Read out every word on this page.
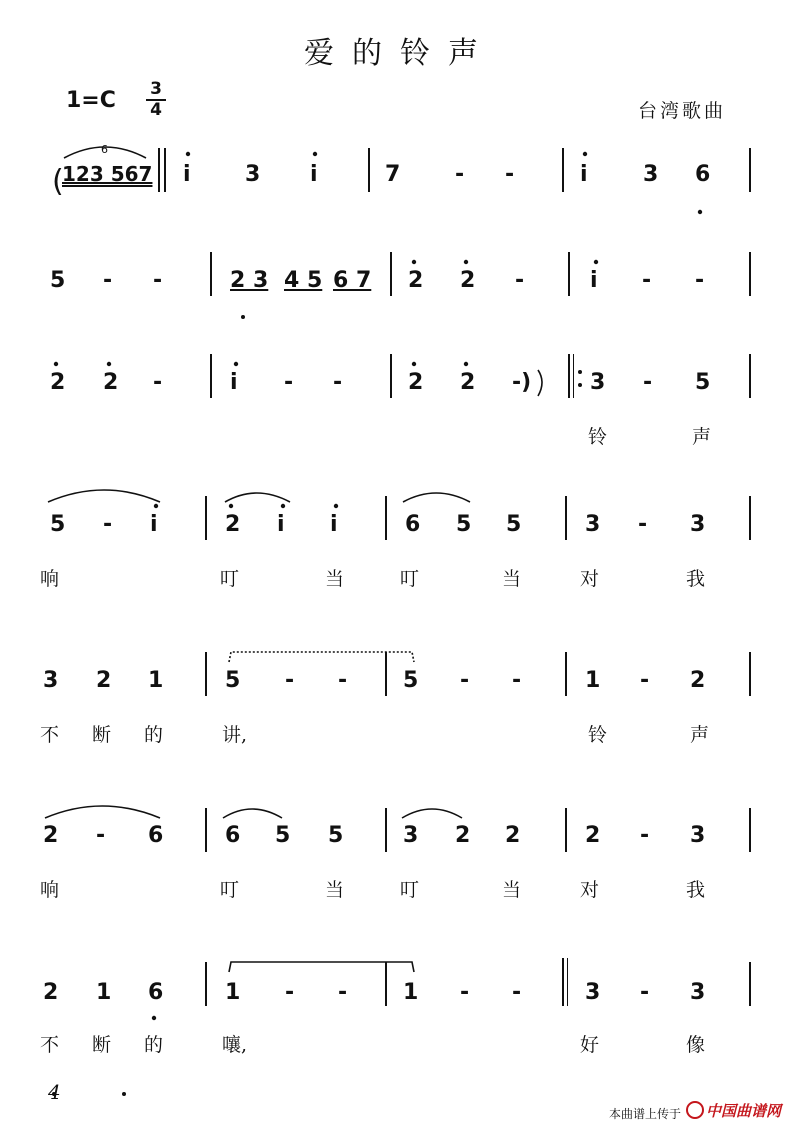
爱的铃声
1=C 3
4	台湾歌曲
(
123 567 i 3 i	7 - -	i	3 6
5 - -	2 3 4 5 6 7 2 2 -	i - -
2 2 -	i - -	2 2 -)	3 - 5
铃	声
5 - i	2 i i	6 5 5	3 - 3
响	叮	当	叮	当	对	我
3 2 1	5 - -	5 - -	1 - 2
不 断 的	讲,	铃	声
2 - 6	6 5 5	3 2 2	2 - 3
响	叮	当	叮	当	对	我
2 1 6	1 - -	1 - -	3 - 3
不 断 的	嚷,	好	像
6
4
本曲谱上传于 中国曲谱网
